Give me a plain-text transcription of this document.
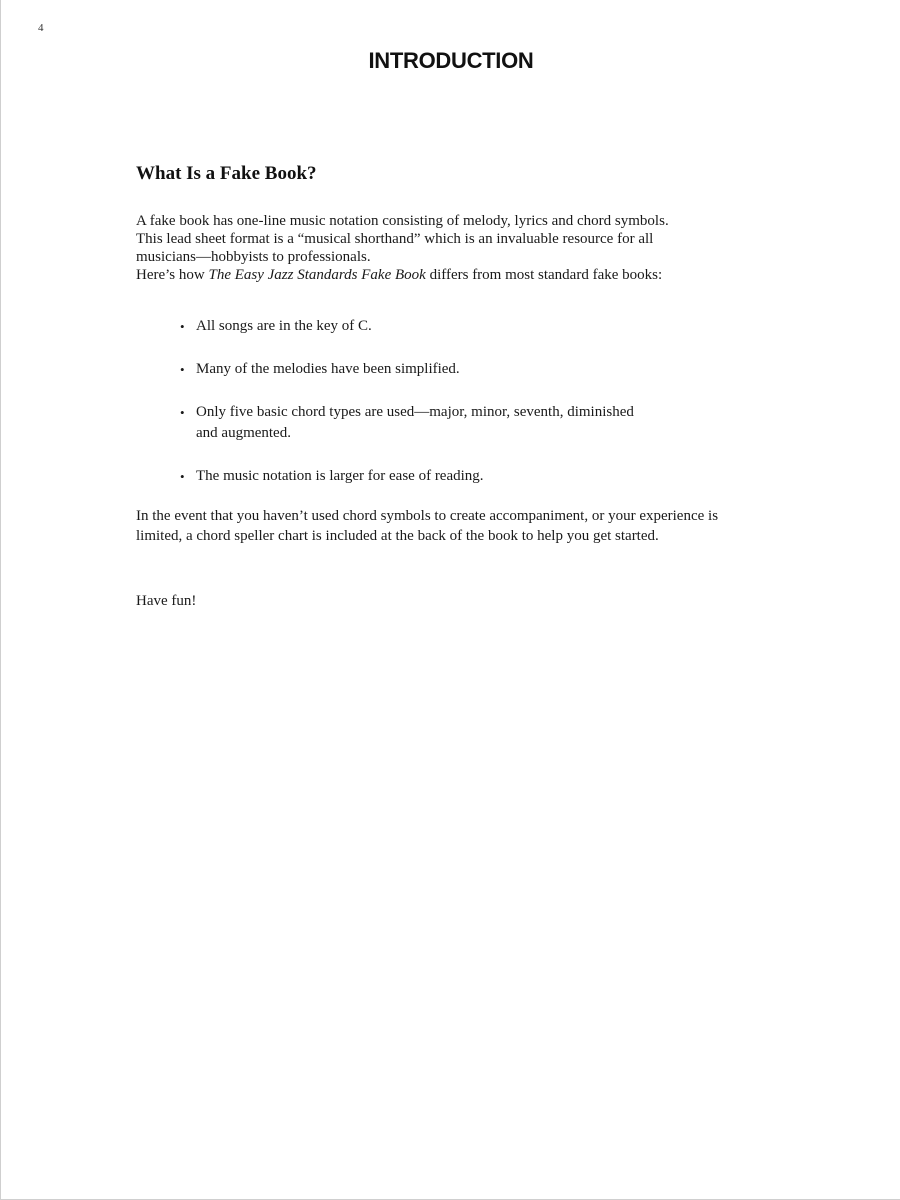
4
INTRODUCTION
What Is a Fake Book?

A fake book has one-line music notation consisting of melody, lyrics and chord symbols.
This lead sheet format is a “musical shorthand” which is an invaluable resource for all
musicians—hobbyists to professionals.
Here’s how The Easy Jazz Standards Fake Book differs from most standard fake books:

• All songs are in the key of C.
• Many of the melodies have been simplified.
• Only five basic chord types are used—major, minor, seventh, diminished and augmented.
• The music notation is larger for ease of reading.

In the event that you haven’t used chord symbols to create accompaniment, or your experience is limited, a chord speller chart is included at the back of the book to help you get started.

Have fun!
